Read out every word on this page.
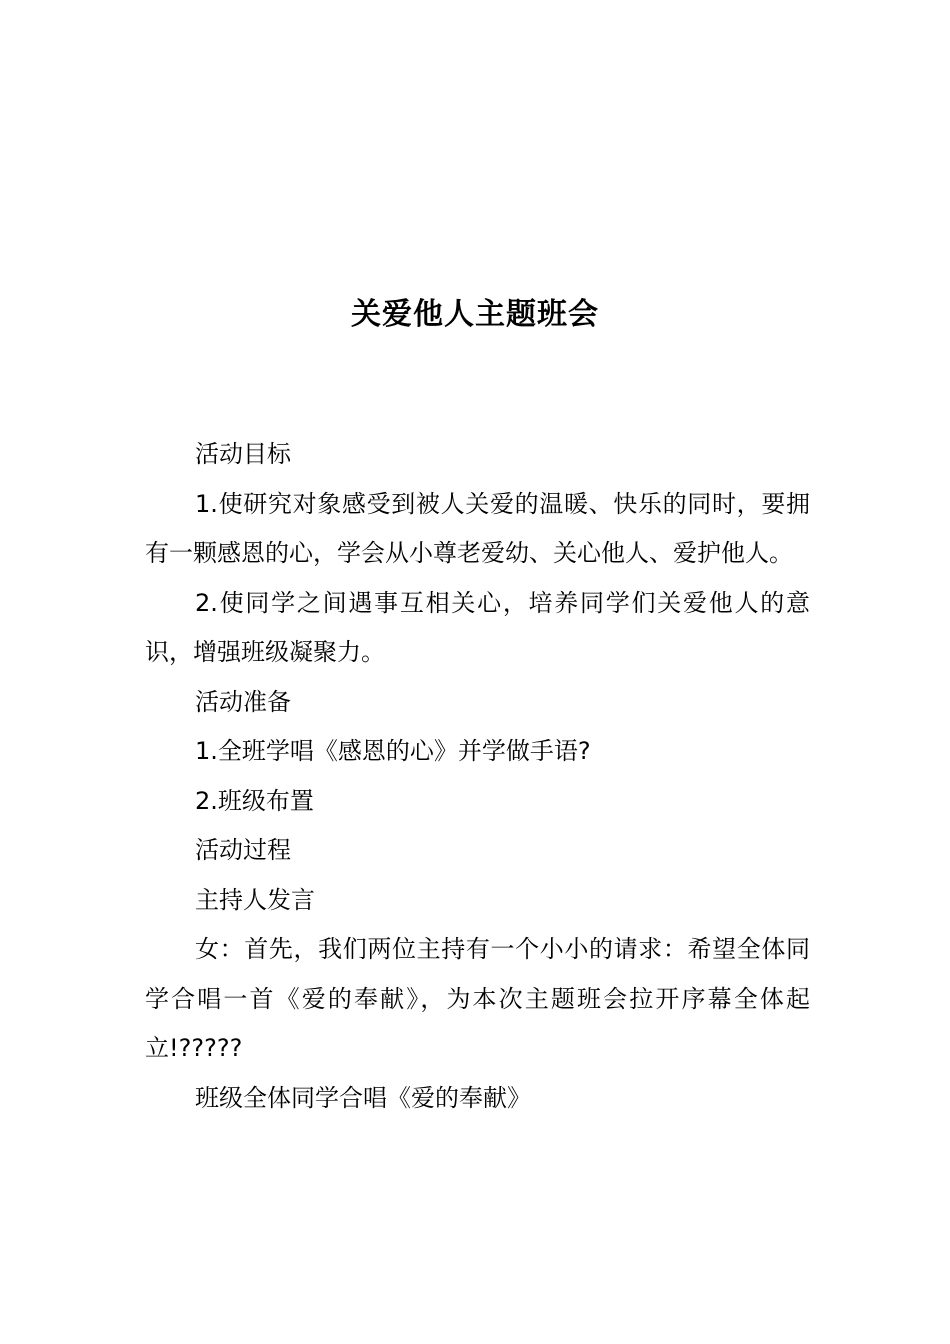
关爱他人主题班会

活动目标

1.使研究对象感受到被人关爱的温暖、快乐的同时，要拥有一颗感恩的心，学会从小尊老爱幼、关心他人、爱护他人。

2.使同学之间遇事互相关心，培养同学们关爱他人的意识，增强班级凝聚力。

活动准备

1.全班学唱《感恩的心》并学做手语?

2.班级布置

活动过程

主持人发言

女：首先，我们两位主持有一个小小的请求：希望全体同学合唱一首《爱的奉献》，为本次主题班会拉开序幕全体起立!?????

班级全体同学合唱《爱的奉献》
